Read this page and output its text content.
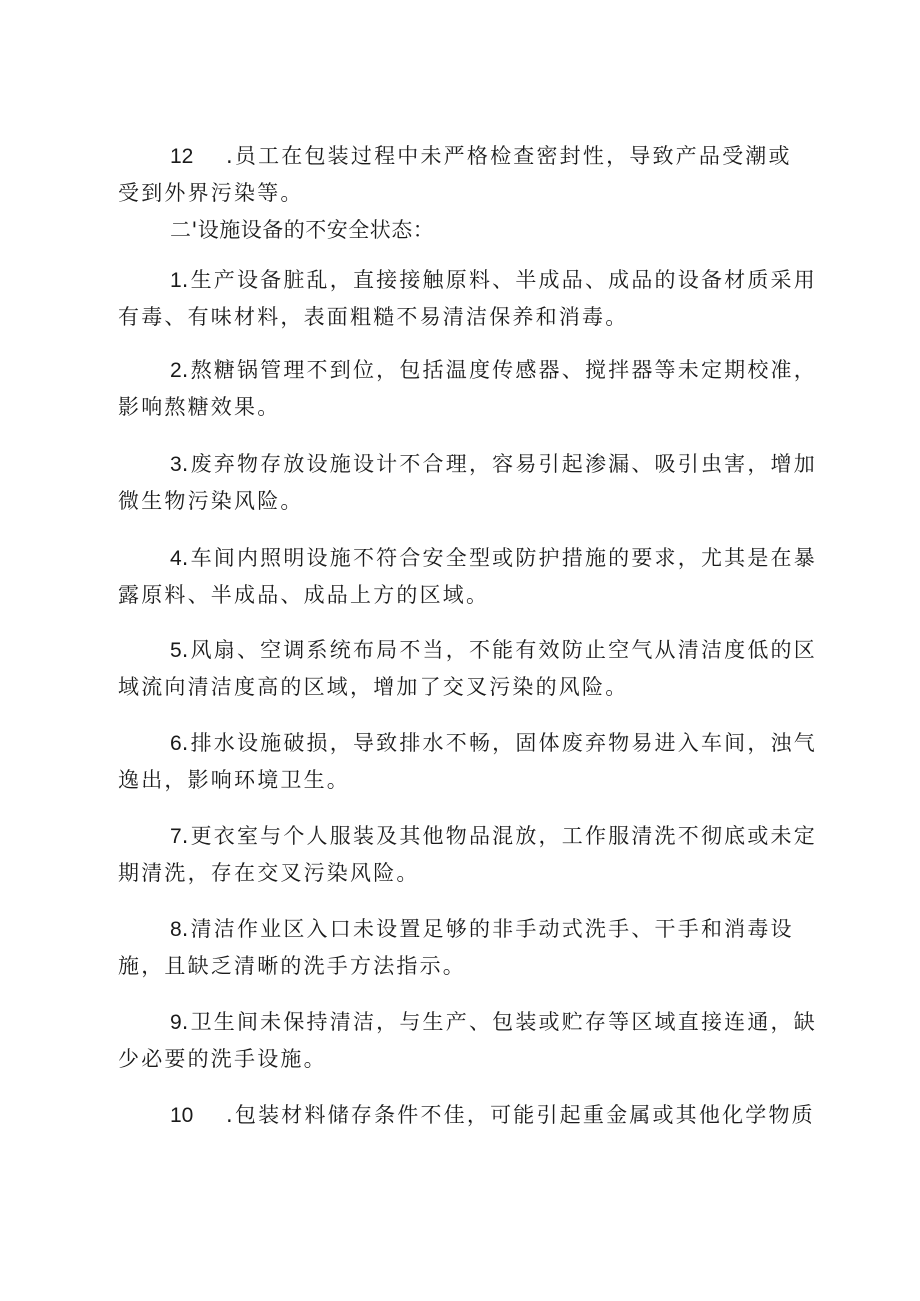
12 .员工在包装过程中未严格检查密封性，导致产品受潮或受到外界污染等。

二'设施设备的不安全状态：

1.生产设备脏乱，直接接触原料、半成品、成品的设备材质采用有毒、有味材料，表面粗糙不易清洁保养和消毒。

2.熬糖锅管理不到位，包括温度传感器、搅拌器等未定期校准，影响熬糖效果。

3.废弃物存放设施设计不合理，容易引起渗漏、吸引虫害，增加微生物污染风险。

4.车间内照明设施不符合安全型或防护措施的要求，尤其是在暴露原料、半成品、成品上方的区域。

5.风扇、空调系统布局不当，不能有效防止空气从清洁度低的区域流向清洁度高的区域，增加了交叉污染的风险。

6.排水设施破损，导致排水不畅，固体废弃物易进入车间，浊气逸出，影响环境卫生。

7.更衣室与个人服装及其他物品混放，工作服清洗不彻底或未定期清洗，存在交叉污染风险。

8.清洁作业区入口未设置足够的非手动式洗手、干手和消毒设施，且缺乏清晰的洗手方法指示。

9.卫生间未保持清洁，与生产、包装或贮存等区域直接连通，缺少必要的洗手设施。

10 .包装材料储存条件不佳，可能引起重金属或其他化学物质
